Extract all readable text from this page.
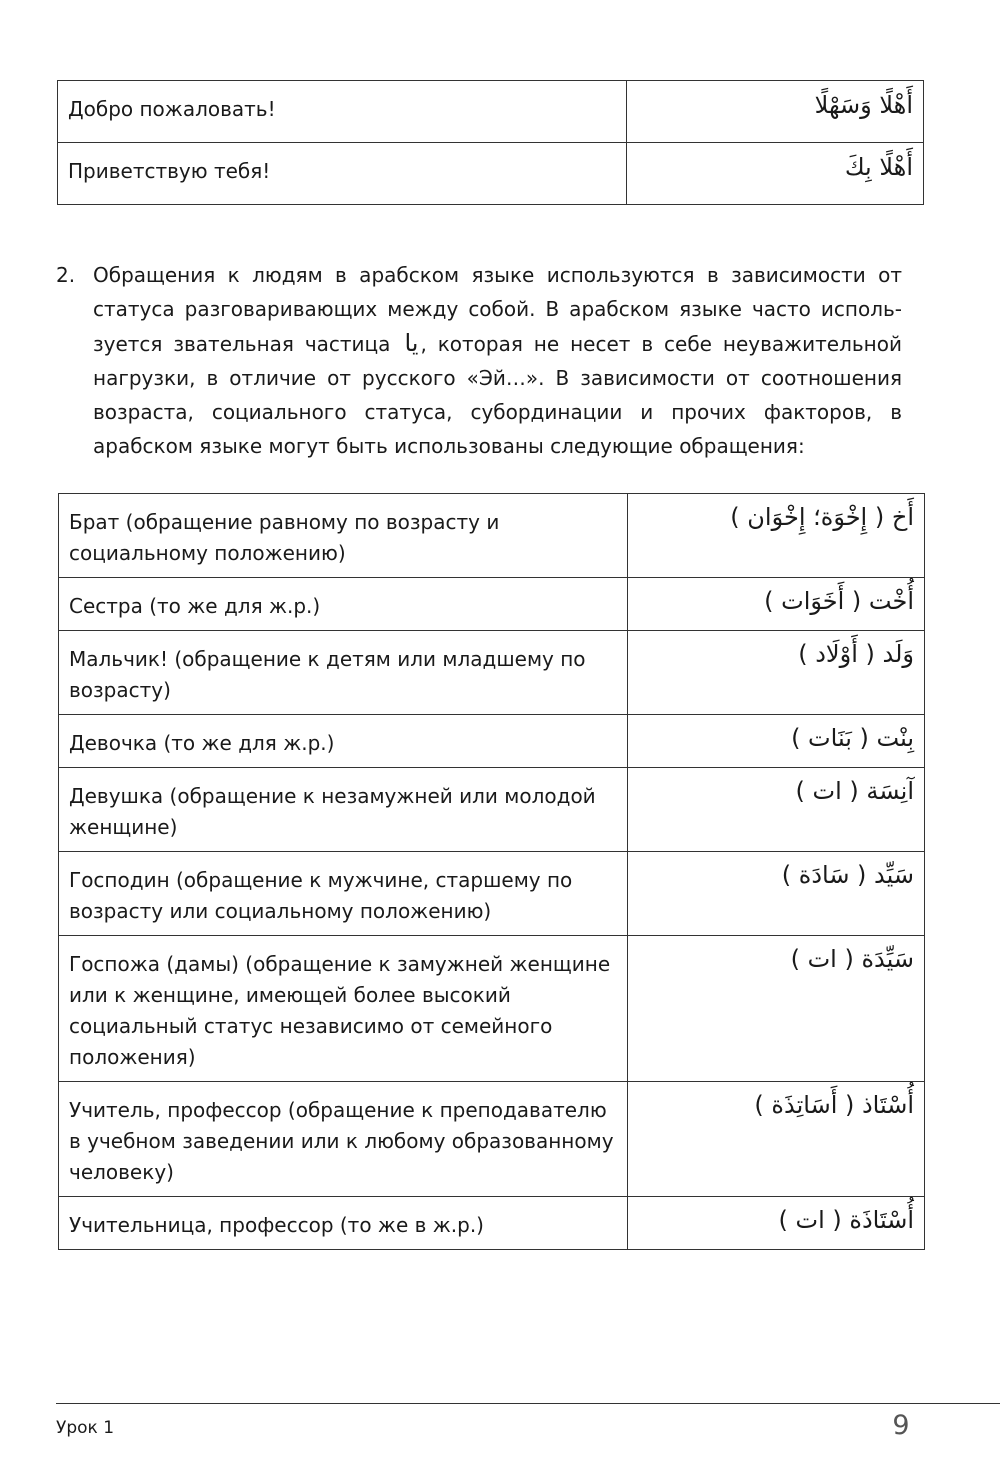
Добро пожаловать!	أَهْلًا وَسَهْلًا
Приветствую тебя!	أَهْلًا بِكَ
2. Обращения к людям в арабском языке используются в зависимости от статуса разговаривающих между собой. В арабском языке часто используется звательная частица يا , которая не несет в себе неуважительной нагрузки, в отличие от русского «Эй…». В зависимости от соотношения возраста, социального статуса, субординации и прочих факторов, в арабском языке могут быть использованы следующие обращения:
Брат (обращение равному по возрасту и социальному положению)	أَخ ( إِخْوَة؛ إِخْوَان )
Сестра (то же для ж.р.)	أُخْت ( أَخَوَات )
Мальчик! (обращение к детям или младшему по возрасту)	وَلَد ( أَوْلَاد )
Девочка (то же для ж.р.)	بِنْت ( بَنَات )
Девушка (обращение к незамужней или молодой женщине)	آنِسَة ( ات )
Господин (обращение к мужчине, старшему по возрасту или социальному положению)	سَيِّد ( سَادَة )
Госпожа (дамы) (обращение к замужней женщине или к женщине, имеющей более высокий социальный статус независимо от семейного положения)	سَيِّدَة ( ات )
Учитель, профессор (обращение к преподавателю в учебном заведении или к любому образованному человеку)	أُسْتَاذ ( أَسَاتِذَة )
Учительница, профессор (то же в ж.р.)	أُسْتَاذَة ( ات )
Урок 1	9
